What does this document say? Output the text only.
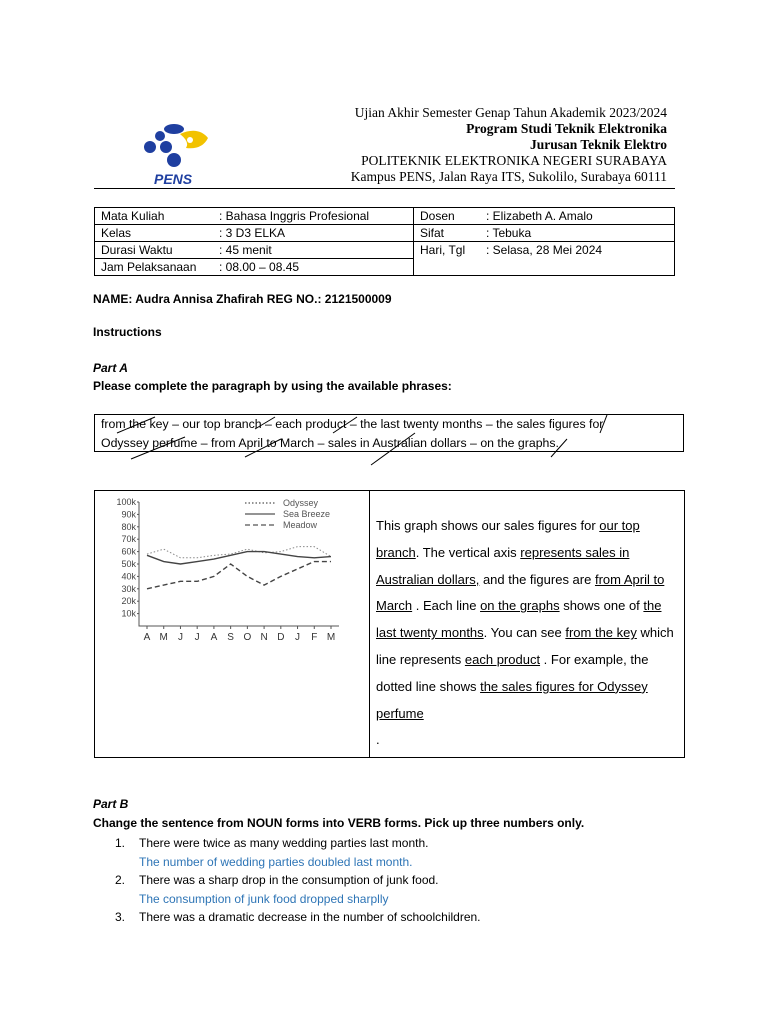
PENS
Ujian Akhir Semester Genap Tahun Akademik 2023/2024
Program Studi Teknik Elektronika
Jurusan Teknik Elektro
POLITEKNIK ELEKTRONIKA NEGERI SURABAYA
Kampus PENS, Jalan Raya ITS, Sukolilo, Surabaya 60111
Mata Kuliah : Bahasa Inggris Profesional	Dosen : Elizabeth A. Amalo
Kelas : 3 D3 ELKA	Sifat : Tebuka
Durasi Waktu : 45 menit	Hari, Tgl : Selasa, 28 Mei 2024
Jam Pelaksanaan : 08.00 – 08.45	
NAME: Audra Annisa Zhafirah REG NO.: 2121500009
Instructions
Part A
Please complete the paragraph by using the available phrases:
from the key – our top branch – each product – the last twenty months – the sales figures for
Odyssey perfume – from April to March – sales in Australian dollars – on the graphs.
100k
90k
80k
70k
60k
50k
40k
30k
20k
10k
A M J J A S O N D J F M
Odyssey
Sea Breeze
Meadow	This graph shows our sales figures for our top branch. The vertical axis represents sales in Australian dollars, and the figures are from April to March . Each line on the graphs shows one of the last twenty months. You can see from the key which line represents each product . For example, the dotted line shows the sales figures for Odyssey perfume
.
Part B
Change the sentence from NOUN forms into VERB forms. Pick up three numbers only.
1. There were twice as many wedding parties last month.
The number of wedding parties doubled last month.
2. There was a sharp drop in the consumption of junk food.
The consumption of junk food dropped sharplly
3. There was a dramatic decrease in the number of schoolchildren.
